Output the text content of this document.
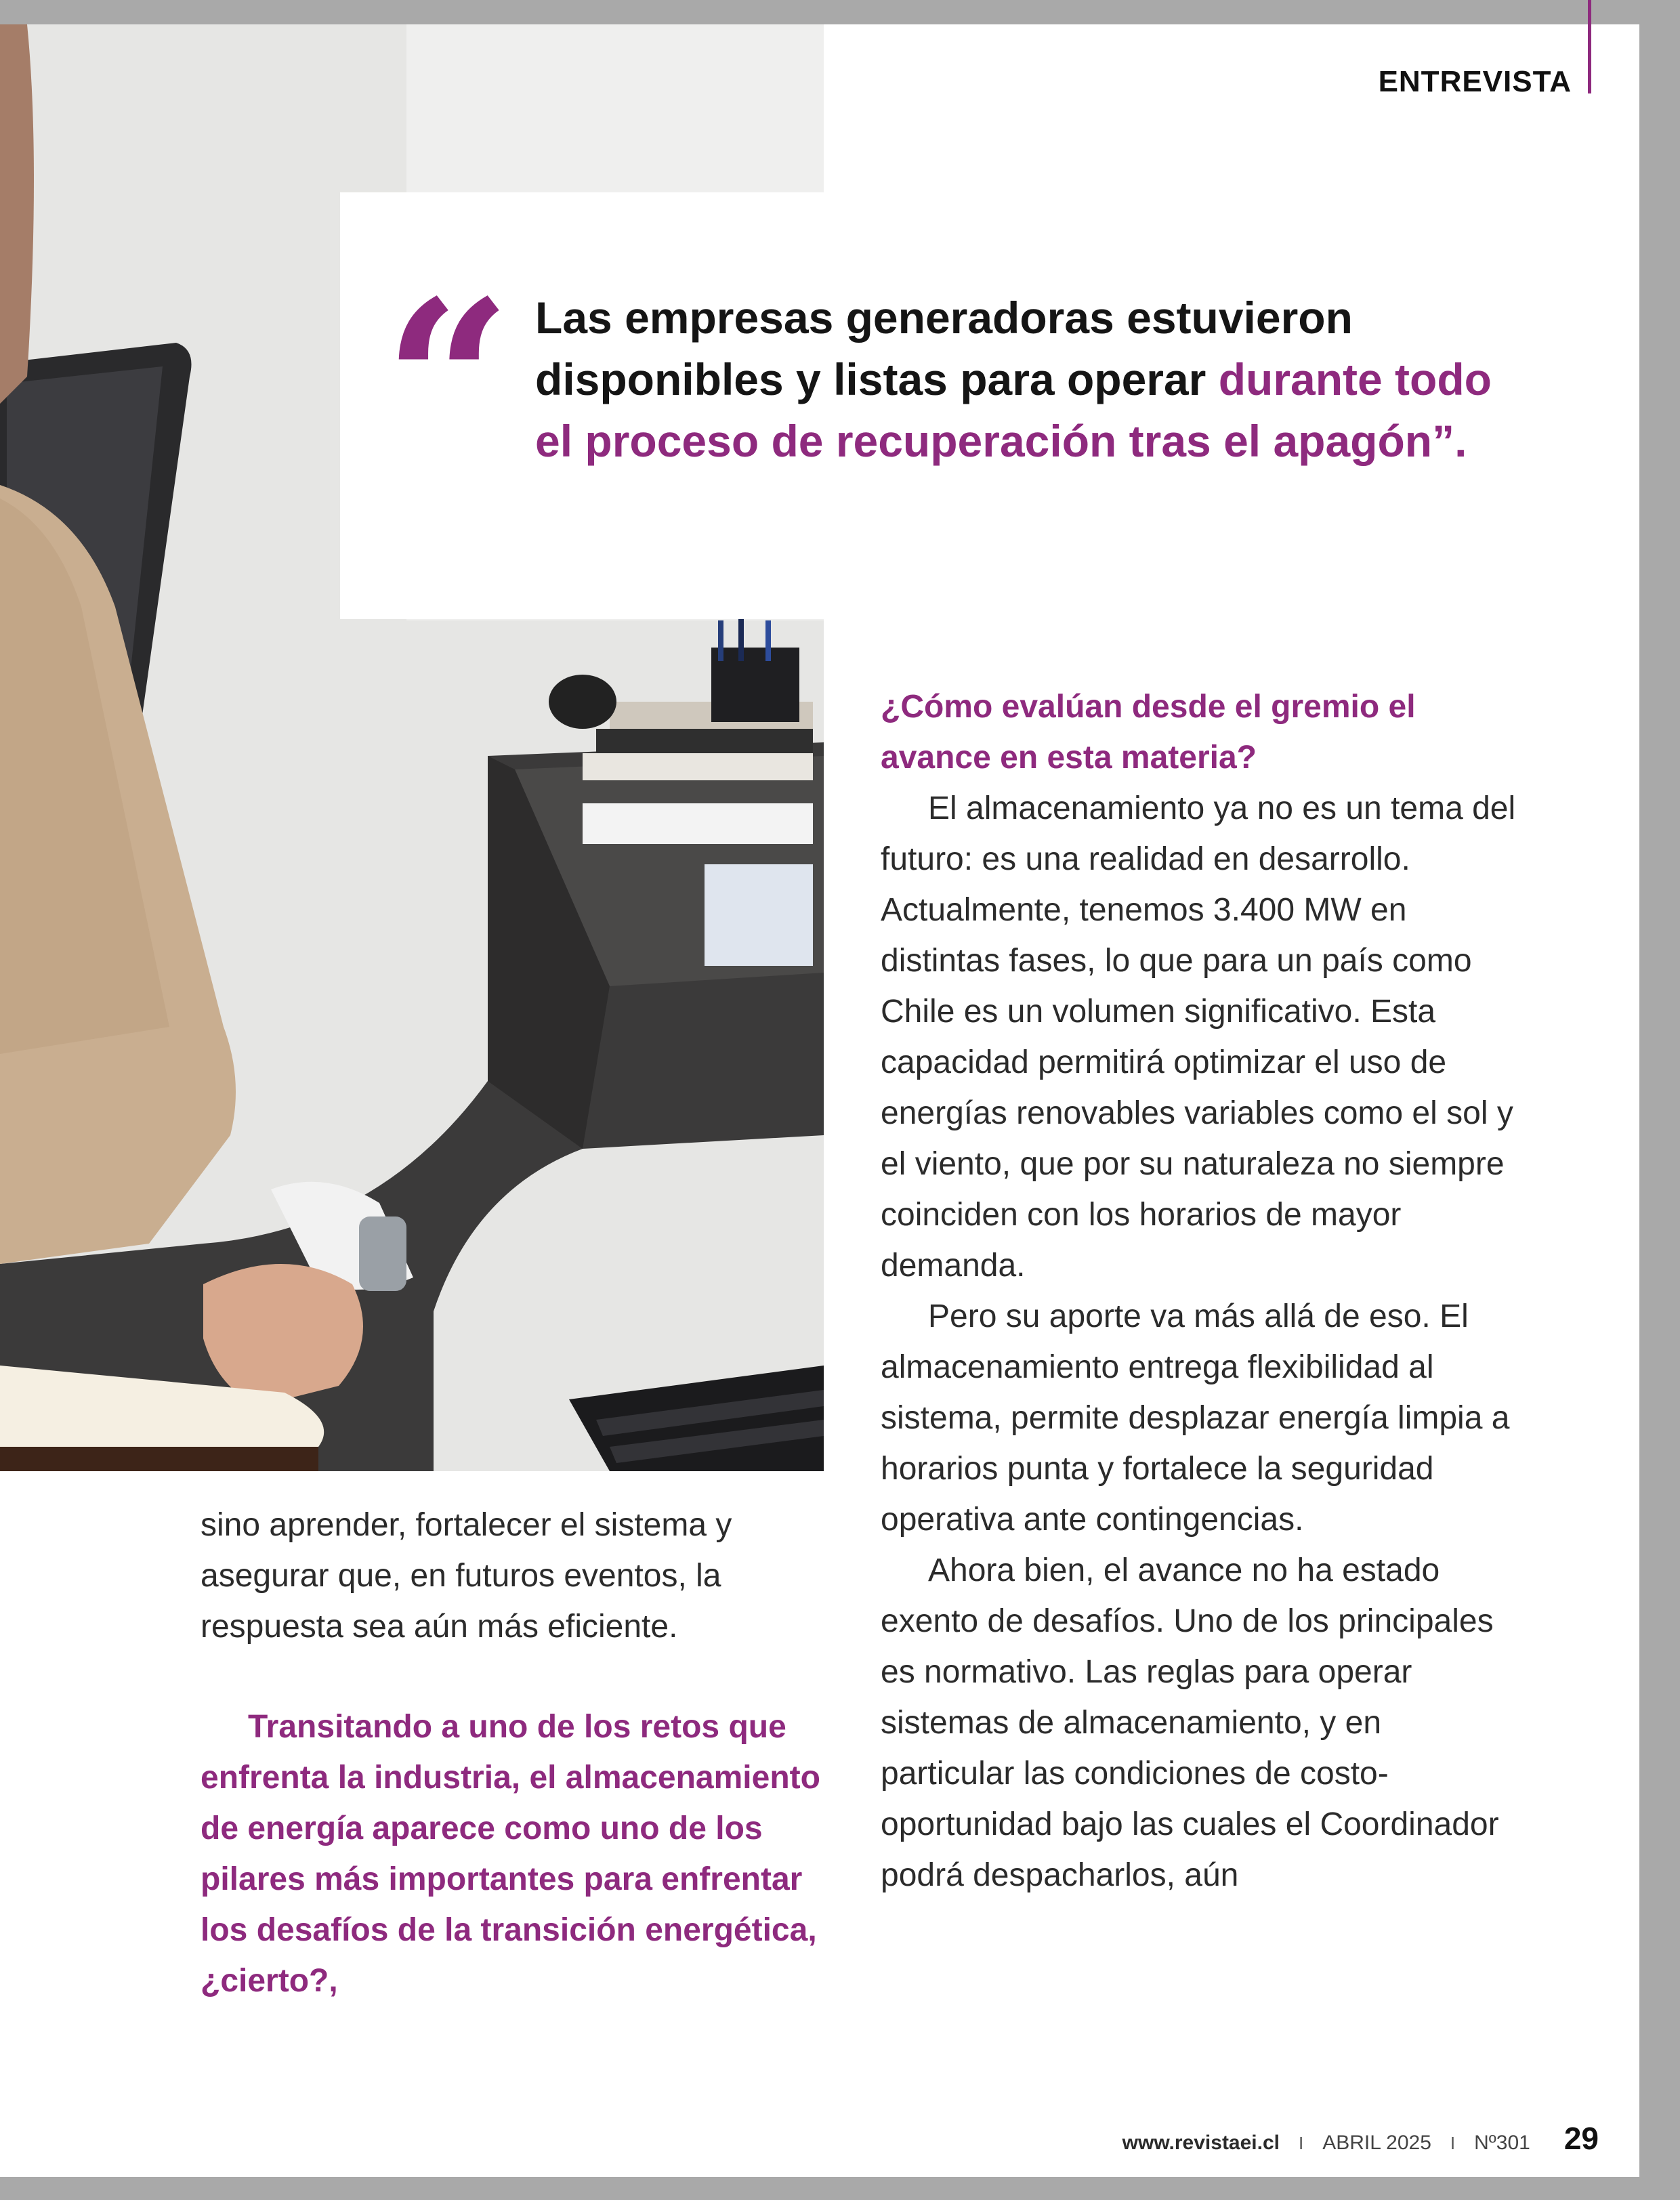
ENTREVISTA
“ Las empresas generadoras estuvieron disponibles y listas para operar durante todo el proceso de recuperación tras el apagón”.

¿Cómo evalúan desde el gremio el avance en esta materia?

El almacenamiento ya no es un tema del futuro: es una realidad en desarrollo. Actualmente, tenemos 3.400 MW en distintas fases, lo que para un país como Chile es un volumen significativo. Esta capacidad permitirá optimizar el uso de energías renovables variables como el sol y el viento, que por su naturaleza no siempre coinciden con los horarios de mayor demanda.

Pero su aporte va más allá de eso. El almacenamiento entrega flexibilidad al sistema, permite desplazar energía limpia a horarios punta y fortalece la seguridad operativa ante contingencias.

Ahora bien, el avance no ha estado exento de desafíos. Uno de los principales es normativo. Las reglas para operar sistemas de almacenamiento, y en particular las condiciones de costo-oportunidad bajo las cuales el Coordinador podrá despacharlos, aún

sino aprender, fortalecer el sistema y asegurar que, en futuros eventos, la respuesta sea aún más eficiente.

Transitando a uno de los retos que enfrenta la industria, el almacenamiento de energía aparece como uno de los pilares más importantes para enfrentar los desafíos de la transición energética, ¿cierto?,

www.revistaei.cl I ABRIL 2025 I Nº301 29
